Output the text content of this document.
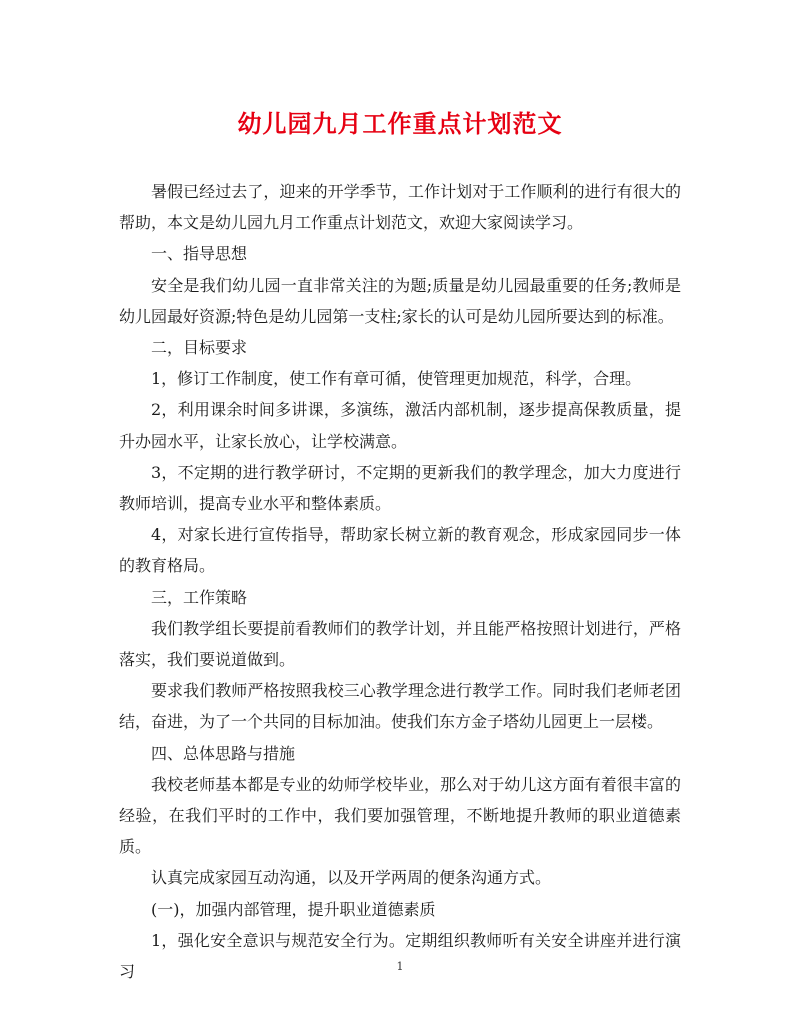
幼儿园九月工作重点计划范文

暑假已经过去了，迎来的开学季节，工作计划对于工作顺利的进行有很大的帮助，本文是幼儿园九月工作重点计划范文，欢迎大家阅读学习。

一、指导思想

安全是我们幼儿园一直非常关注的为题;质量是幼儿园最重要的任务;教师是幼儿园最好资源;特色是幼儿园第一支柱;家长的认可是幼儿园所要达到的标准。

二，目标要求

1，修订工作制度，使工作有章可循，使管理更加规范，科学，合理。

2，利用课余时间多讲课，多演练，激活内部机制，逐步提高保教质量，提升办园水平，让家长放心，让学校满意。

3，不定期的进行教学研讨，不定期的更新我们的教学理念，加大力度进行教师培训，提高专业水平和整体素质。

4，对家长进行宣传指导，帮助家长树立新的教育观念，形成家园同步一体的教育格局。

三，工作策略

我们教学组长要提前看教师们的教学计划，并且能严格按照计划进行，严格落实，我们要说道做到。

要求我们教师严格按照我校三心教学理念进行教学工作。同时我们老师老团结，奋进，为了一个共同的目标加油。使我们东方金子塔幼儿园更上一层楼。

四、总体思路与措施

我校老师基本都是专业的幼师学校毕业，那么对于幼儿这方面有着很丰富的经验，在我们平时的工作中，我们要加强管理，不断地提升教师的职业道德素质。

认真完成家园互动沟通，以及开学两周的便条沟通方式。

(一)，加强内部管理，提升职业道德素质

1，强化安全意识与规范安全行为。定期组织教师听有关安全讲座并进行演习	1
